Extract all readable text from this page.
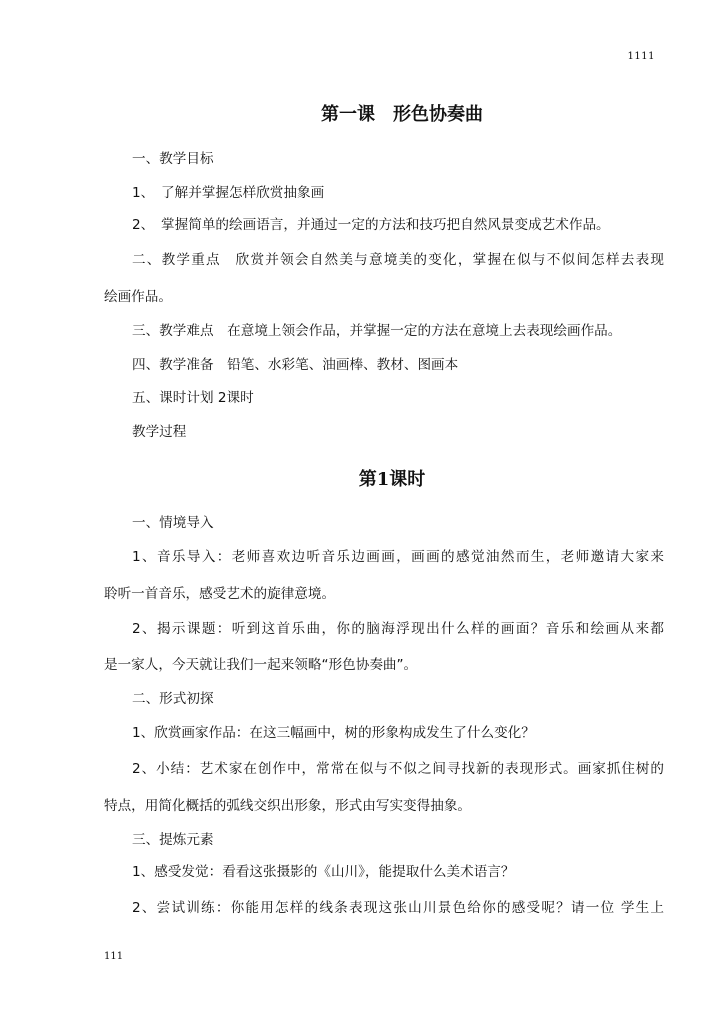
1111
第一课　形色协奏曲
一、教学目标
1、　了解并掌握怎样欣赏抽象画
2、　掌握简单的绘画语言，并通过一定的方法和技巧把自然风景变成艺术作品。
二、教学重点　欣赏并领会自然美与意境美的变化，掌握在似与不似间怎样去表现
绘画作品。
三、教学难点　在意境上领会作品，并掌握一定的方法在意境上去表现绘画作品。
四、教学准备　铅笔、水彩笔、油画棒、教材、图画本
五、课时计划 2课时
教学过程
第1课时
一、情境导入
1、音乐导入：老师喜欢边听音乐边画画，画画的感觉油然而生，老师邀请大家来
聆听一首音乐，感受艺术的旋律意境。
2、揭示课题：听到这首乐曲，你的脑海浮现出什么样的画面？音乐和绘画从来都
是一家人，今天就让我们一起来领略“形色协奏曲”。
二、形式初探
1、欣赏画家作品：在这三幅画中，树的形象构成发生了什么变化？
2、小结：艺术家在创作中，常常在似与不似之间寻找新的表现形式。画家抓住树的
特点，用简化概括的弧线交织出形象，形式由写实变得抽象。
三、提炼元素
1、感受发觉：看看这张摄影的《山川》，能提取什么美术语言？
2、尝试训练：你能用怎样的线条表现这张山川景色给你的感受呢？请一位 学生上
111
